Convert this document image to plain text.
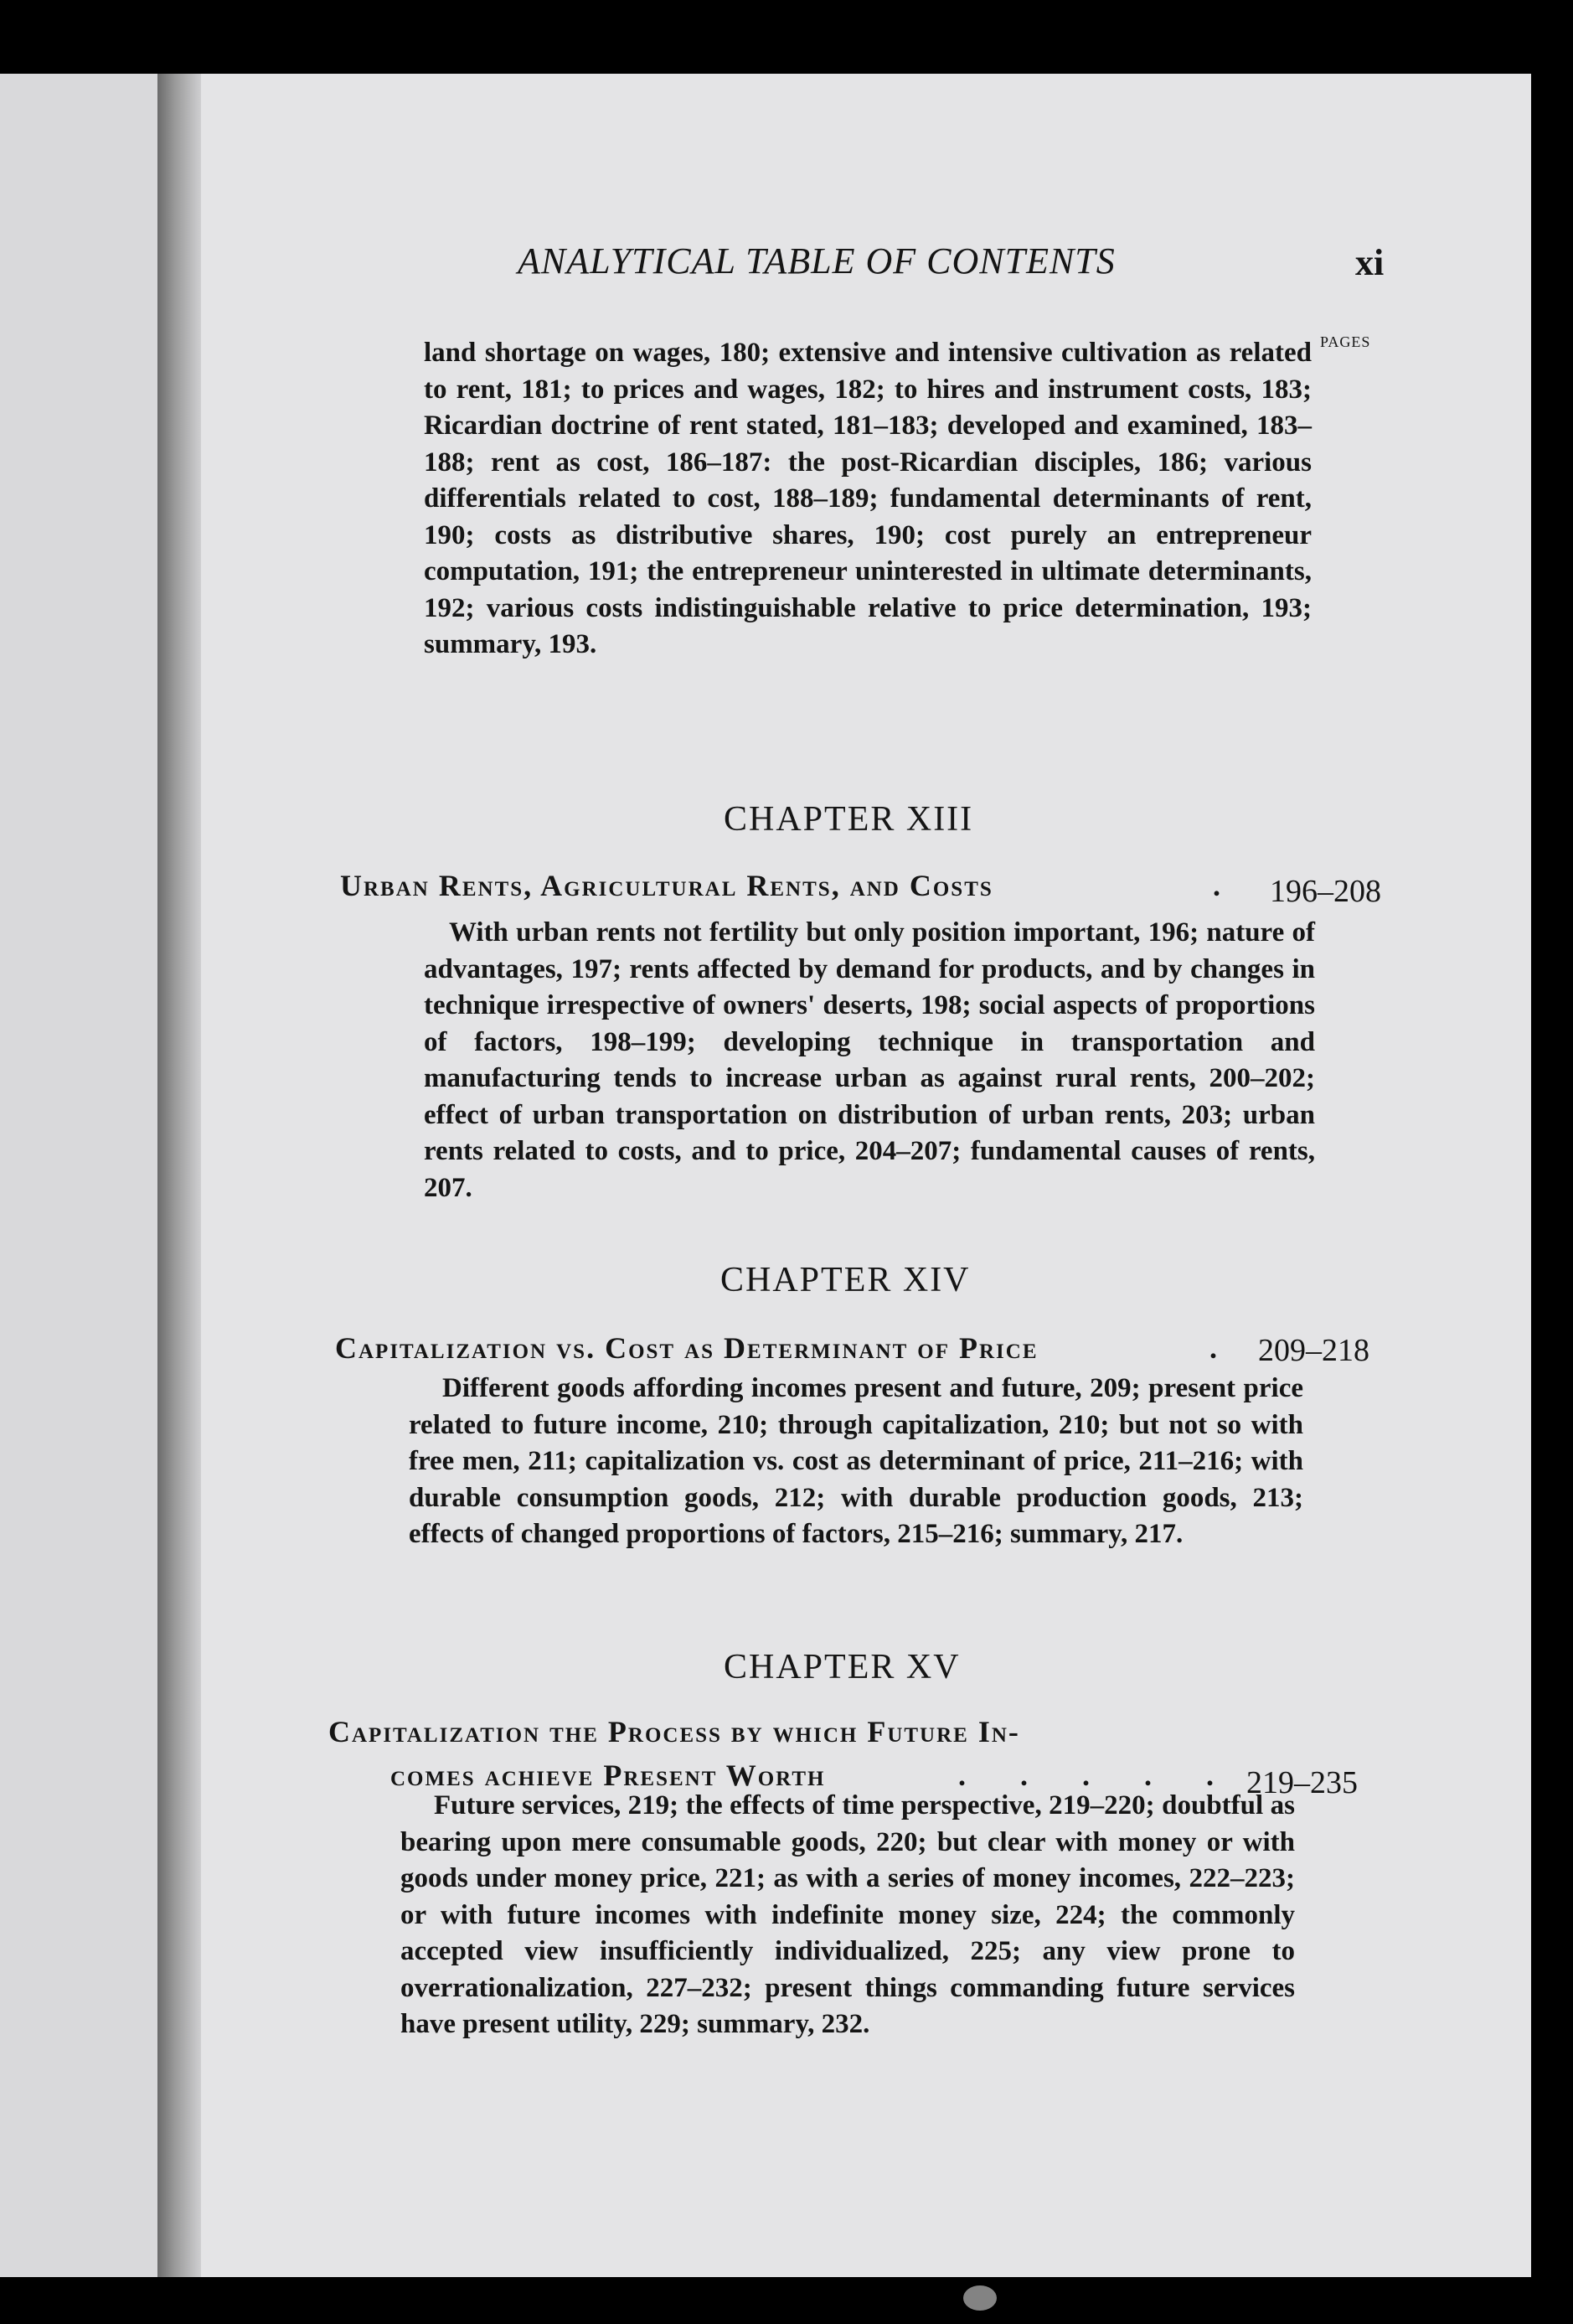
ANALYTICAL TABLE OF CONTENTS	xi
PAGES
land shortage on wages, 180; extensive and intensive cultivation as related to rent, 181; to prices and wages, 182; to hires and instrument costs, 183; Ricardian doctrine of rent stated, 181–183; developed and examined, 183–188; rent as cost, 186–187: the post-Ricardian disciples, 186; various differentials related to cost, 188–189; fundamental determinants of rent, 190; costs as distributive shares, 190; cost purely an entrepreneur computation, 191; the entrepreneur uninterested in ultimate determinants, 192; various costs indistinguishable relative to price determination, 193; summary, 193.
CHAPTER XIII
Urban Rents, Agricultural Rents, and Costs	. 196–208
With urban rents not fertility but only position important, 196; nature of advantages, 197; rents affected by demand for products, and by changes in technique irrespective of owners' deserts, 198; social aspects of proportions of factors, 198–199; developing technique in transportation and manufacturing tends to increase urban as against rural rents, 200–202; effect of urban transportation on distribution of urban rents, 203; urban rents related to costs, and to price, 204–207; fundamental causes of rents, 207.
CHAPTER XIV
Capitalization vs. Cost as Determinant of Price	. 209–218
Different goods affording incomes present and future, 209; present price related to future income, 210; through capitalization, 210; but not so with free men, 211; capitalization vs. cost as determinant of price, 211–216; with durable consumption goods, 212; with durable production goods, 213; effects of changed proportions of factors, 215–216; summary, 217.
CHAPTER XV
Capitalization the Process by which Future In-
comes achieve Present Worth	. . . . . 219–235
Future services, 219; the effects of time perspective, 219–220; doubtful as bearing upon mere consumable goods, 220; but clear with money or with goods under money price, 221; as with a series of money incomes, 222–223; or with future incomes with indefinite money size, 224; the commonly accepted view insufficiently individualized, 225; any view prone to overrationalization, 227–232; present things commanding future services have present utility, 229; summary, 232.
